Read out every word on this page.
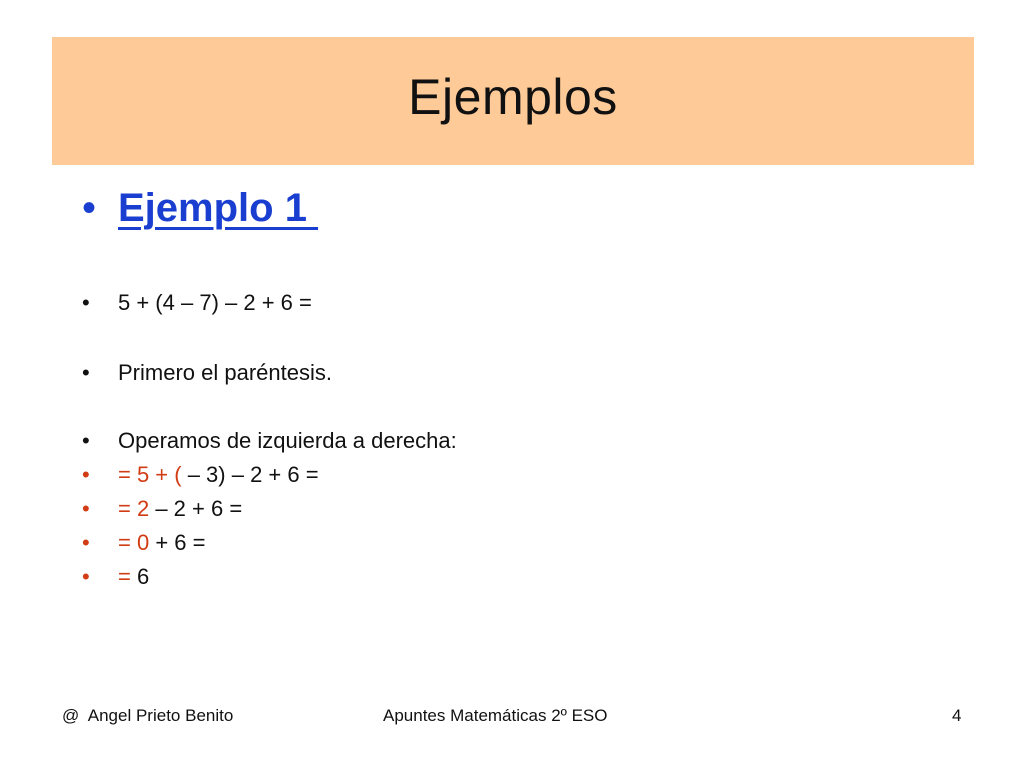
Ejemplos
• Ejemplo 1
•	5 + (4 – 7) – 2 + 6 =
•	Primero el paréntesis.
•	Operamos de izquierda a derecha:
•	= 5 + ( – 3) – 2 + 6 =
•	= 2 – 2 + 6 =
•	= 0 + 6 =
•	= 6
@  Angel Prieto Benito	Apuntes Matemáticas 2º ESO	4
